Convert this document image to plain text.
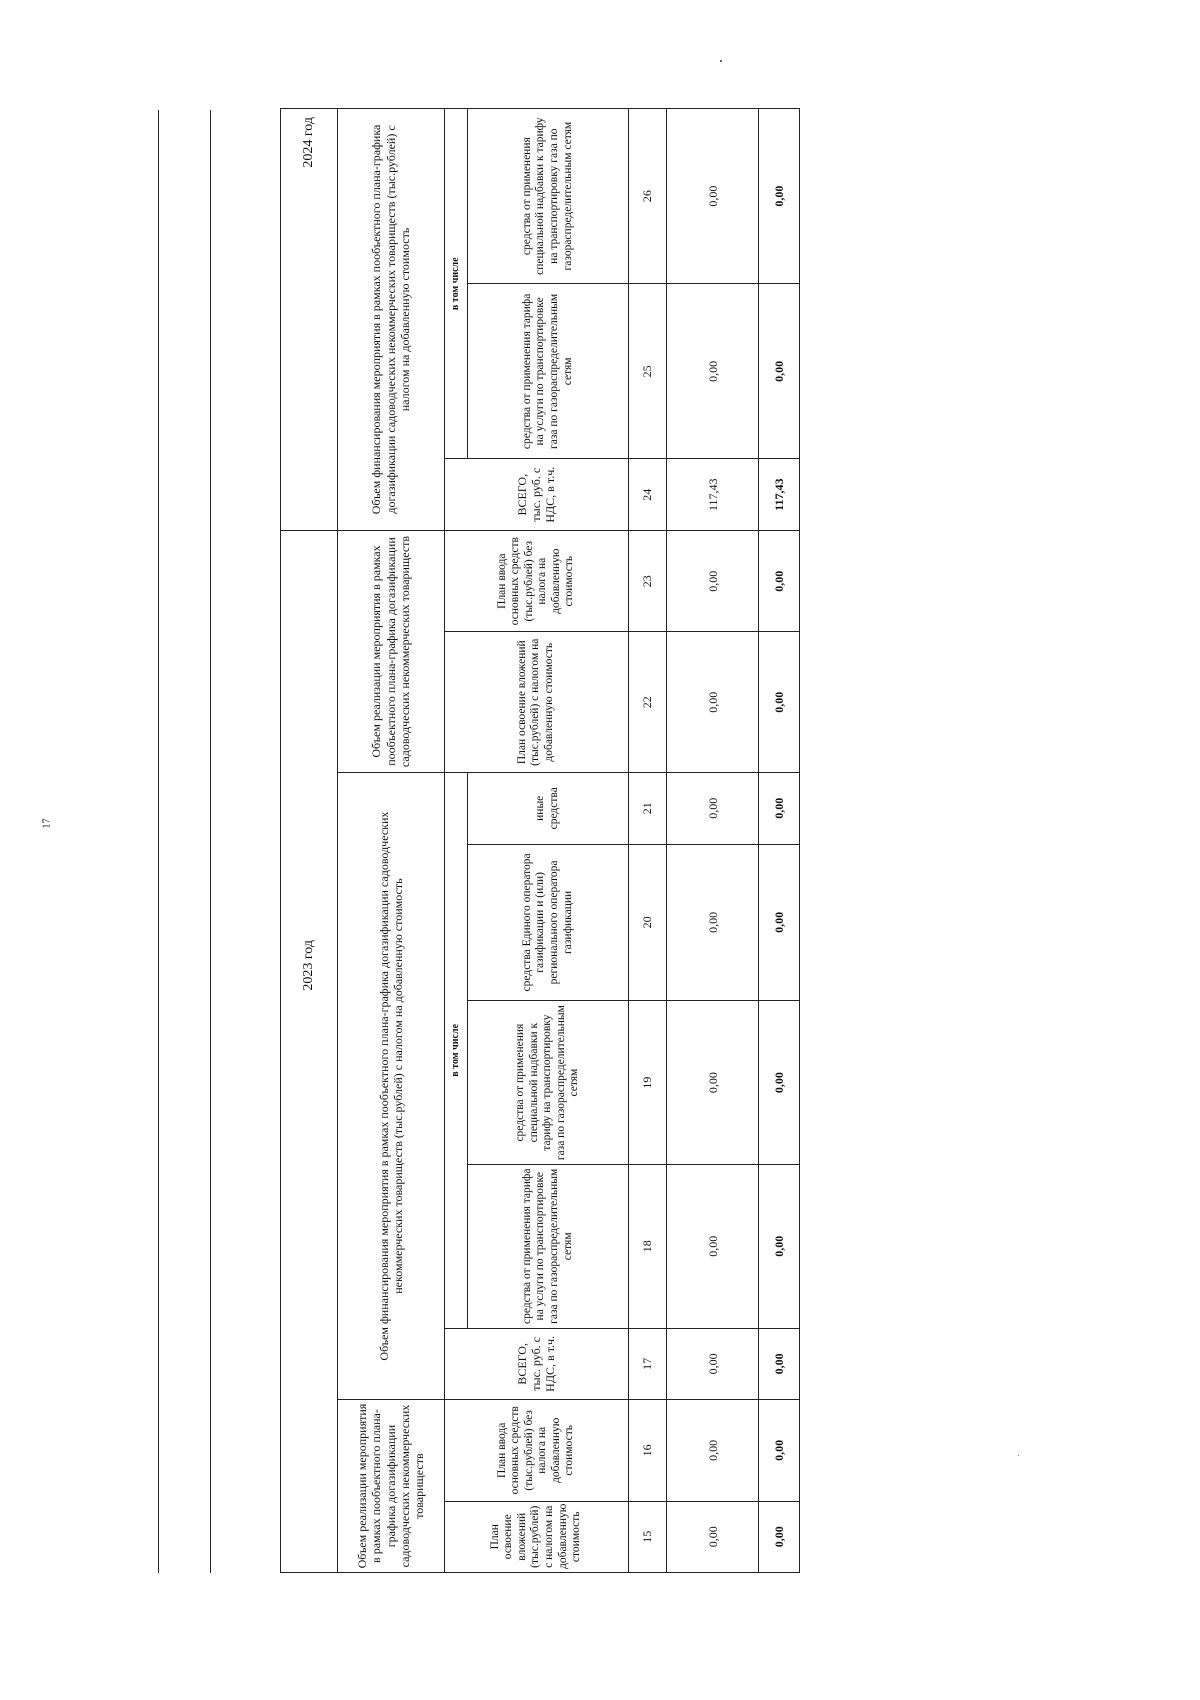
17
		2023 год							2024 год		
Объем реализации мероприятия в рамках пообъектного плана-графика догазификации садоводческих некоммерческих товариществ		Объем финансирования мероприятия в рамках пообъектного плана-графика догазификации садоводческих некоммерческих товариществ (тыс.рублей) с налогом на добавленную стоимость					Объем реализации мероприятия в рамках пообъектного плана-графика догазификации садоводческих некоммерческих товариществ		Объем финансирования мероприятия в рамках пообъектного плана-графика догазификации садоводческих некоммерческих товариществ (тыс.рублей) с налогом на добавленную стоимость		
План освоение вложений (тыс.рублей) с налогом на добавленную стоимость	План ввода основных средств (тыс.рублей) без налога на добавленную стоимость	ВСЕГО, тыс. руб. с НДС, в т.ч.	в том числе				План освоение вложений (тыс.рублей) с налогом на добавленную стоимость	План ввода основных средств (тыс.рублей) без налога на добавленную стоимость	ВСЕГО, тыс. руб. с НДС, в т.ч.	в том числе	
			средства от применения тарифа на услуги по транспортировке газа по газораспределительным сетям	средства от применения специальной надбавки к тарифу на транспортировку газа по газораспределительным сетям	средства Единого оператора газификации и (или) регионального оператора газификации	иные средства				средства от применения тарифа на услуги по транспортировке газа по газораспределительным сетям	средства от применения специальной надбавки к тарифу на транспортировку газа по газораспределительным сетям
15	16	17	18	19	20	21	22	23	24	25	26
0,00	0,00	0,00	0,00	0,00	0,00	0,00	0,00	0,00	117,43	0,00	0,00
0,00	0,00	0,00	0,00	0,00	0,00	0,00	0,00	0,00	117,43	0,00	0,00
